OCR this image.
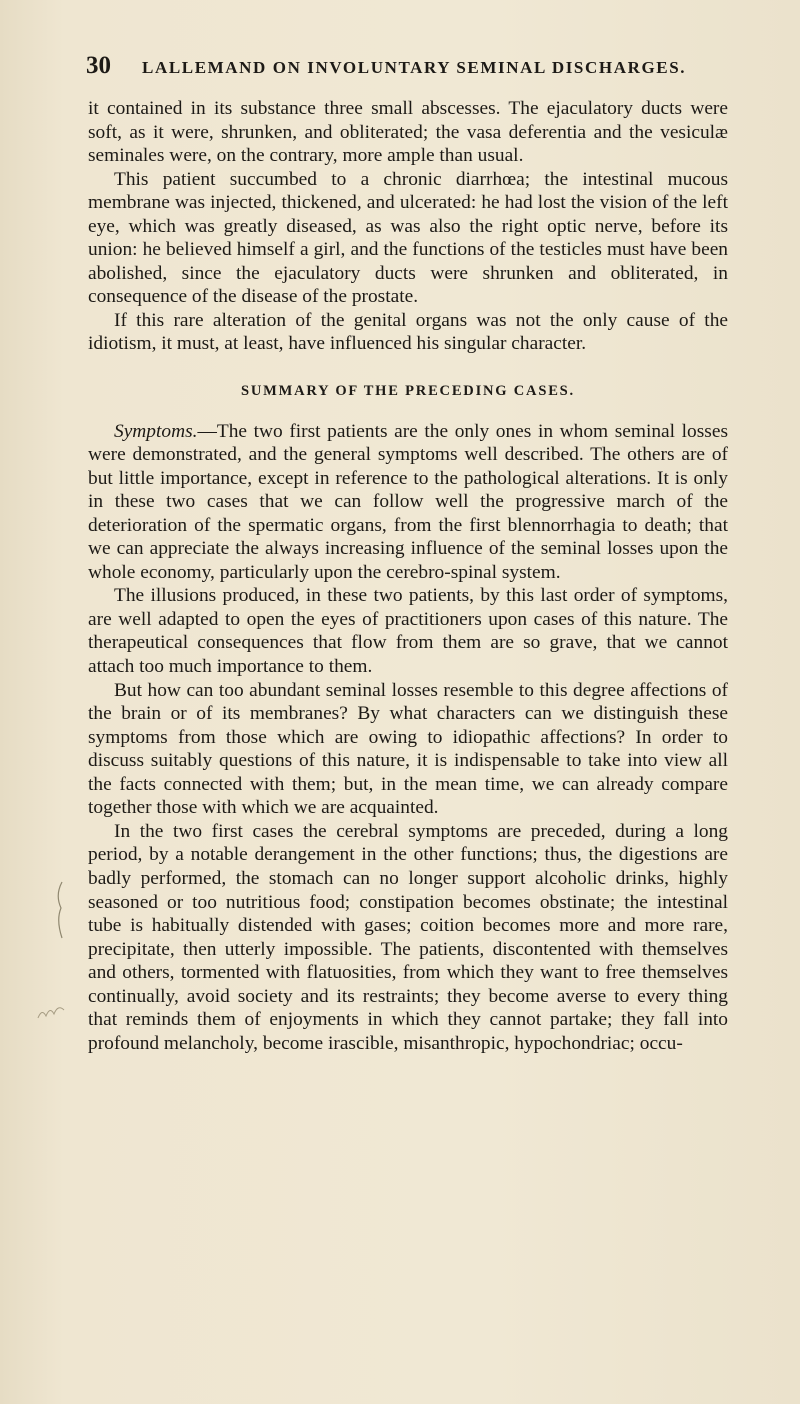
30	LALLEMAND ON INVOLUNTARY SEMINAL DISCHARGES.

it contained in its substance three small abscesses. The ejaculatory ducts were soft, as it were, shrunken, and obliterated; the vasa deferentia and the vesiculæ seminales were, on the contrary, more ample than usual.

This patient succumbed to a chronic diarrhœa; the intestinal mucous membrane was injected, thickened, and ulcerated: he had lost the vision of the left eye, which was greatly diseased, as was also the right optic nerve, before its union: he believed himself a girl, and the functions of the testicles must have been abolished, since the ejaculatory ducts were shrunken and obliterated, in consequence of the disease of the prostate.

If this rare alteration of the genital organs was not the only cause of the idiotism, it must, at least, have influenced his singular character.

SUMMARY OF THE PRECEDING CASES.

Symptoms.—The two first patients are the only ones in whom seminal losses were demonstrated, and the general symptoms well described. The others are of but little importance, except in reference to the pathological alterations. It is only in these two cases that we can follow well the progressive march of the deterioration of the spermatic organs, from the first blennorrhagia to death; that we can appreciate the always increasing influence of the seminal losses upon the whole economy, particularly upon the cerebro-spinal system.

The illusions produced, in these two patients, by this last order of symptoms, are well adapted to open the eyes of practitioners upon cases of this nature. The therapeutical consequences that flow from them are so grave, that we cannot attach too much importance to them.

But how can too abundant seminal losses resemble to this degree affections of the brain or of its membranes? By what characters can we distinguish these symptoms from those which are owing to idiopathic affections? In order to discuss suitably questions of this nature, it is indispensable to take into view all the facts connected with them; but, in the mean time, we can already compare together those with which we are acquainted.

In the two first cases the cerebral symptoms are preceded, during a long period, by a notable derangement in the other functions; thus, the digestions are badly performed, the stomach can no longer support alcoholic drinks, highly seasoned or too nutritious food; constipation becomes obstinate; the intestinal tube is habitually distended with gases; coition becomes more and more rare, precipitate, then utterly impossible. The patients, discontented with themselves and others, tormented with flatuosities, from which they want to free themselves continually, avoid society and its restraints; they become averse to every thing that reminds them of enjoyments in which they cannot partake; they fall into profound melancholy, become irascible, misanthropic, hypochondriac; occu-
